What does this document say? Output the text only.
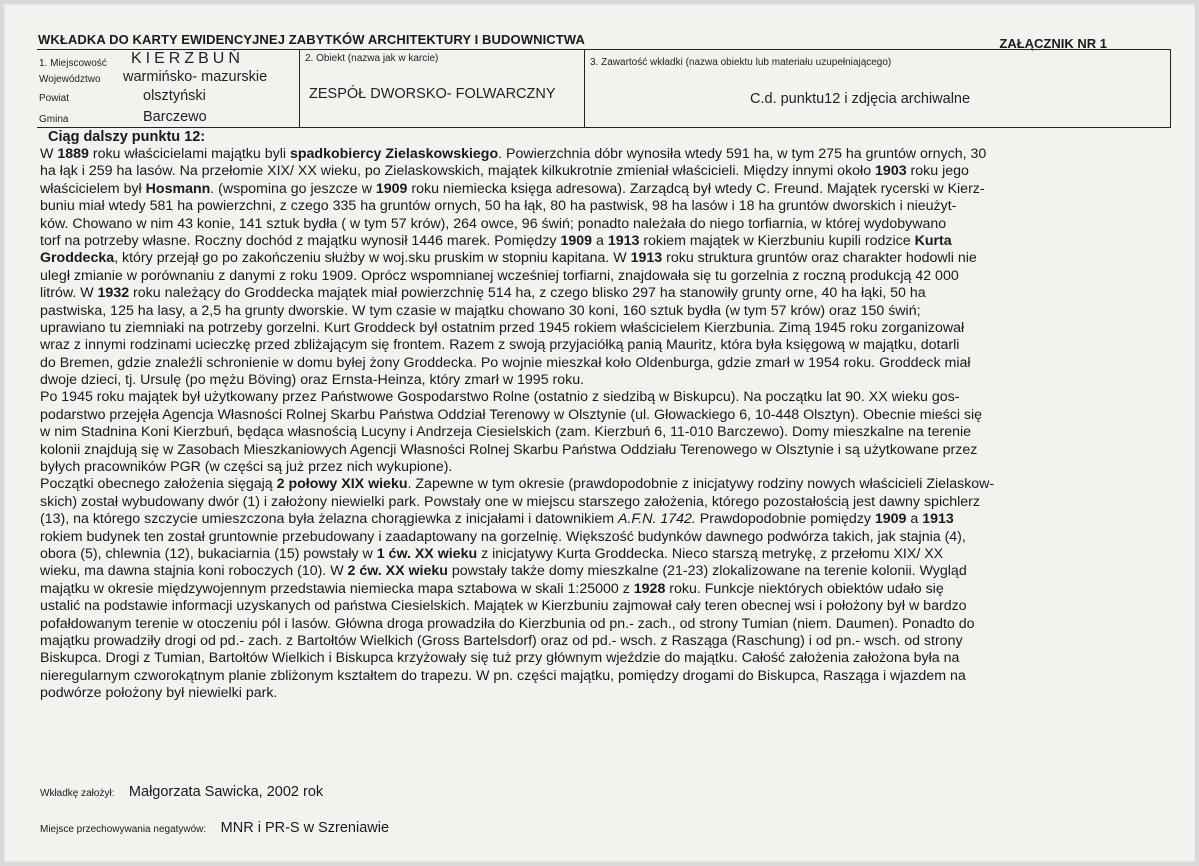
WKŁADKA DO KARTY EWIDENCYJNEJ ZABYTKÓW ARCHITEKTURY I BUDOWNICTWA	ZAŁĄCZNIK NR 1
1. Miejscowość KIERZBUŃ
Województwo warmińsko- mazurskie
Powiat	olsztyński
Gmina	Barczewo
2. Obiekt (nazwa jak w karcie)
ZESPÓŁ DWORSKO- FOLWARCZNY
3. Zawartość wkładki (nazwa obiektu lub materiału uzupełniającego)
C.d. punktu12 i zdjęcia archiwalne
Ciąg dalszy punktu 12:
W 1889 roku właścicielami majątku byli spadkobiercy Zielaskowskiego. Powierzchnia dóbr wynosiła wtedy 591 ha, w tym 275 ha gruntów ornych, 30
ha łąk i 259 ha lasów. Na przełomie XIX/ XX wieku, po Zielaskowskich, majątek kilkukrotnie zmieniał właścicieli. Między innymi około 1903 roku jego
właścicielem był Hosmann. (wspomina go jeszcze w 1909 roku niemiecka księga adresowa). Zarządcą był wtedy C. Freund. Majątek rycerski w Kierz-
buniu miał wtedy 581 ha powierzchni, z czego 335 ha gruntów ornych, 50 ha łąk, 80 ha pastwisk, 98 ha lasów i 18 ha gruntów dworskich i nieużyt-
ków. Chowano w nim 43 konie, 141 sztuk bydła ( w tym 57 krów), 264 owce, 96 świń; ponadto należała do niego torfiarnia, w której wydobywano
torf na potrzeby własne. Roczny dochód z majątku wynosił 1446 marek. Pomiędzy 1909 a 1913 rokiem majątek w Kierzbuniu kupili rodzice Kurta
Groddecka, który przejął go po zakończeniu służby w woj.sku pruskim w stopniu kapitana. W 1913 roku struktura gruntów oraz charakter hodowli nie
uległ zmianie w porównaniu z danymi z roku 1909. Oprócz wspomnianej wcześniej torfiarni, znajdowała się tu gorzelnia z roczną produkcją 42 000
litrów. W 1932 roku należący do Groddecka majątek miał powierzchnię 514 ha, z czego blisko 297 ha stanowiły grunty orne, 40 ha łąki, 50 ha
pastwiska, 125 ha lasy, a 2,5 ha grunty dworskie. W tym czasie w majątku chowano 30 koni, 160 sztuk bydła (w tym 57 krów) oraz 150 świń;
uprawiano tu ziemniaki na potrzeby gorzelni. Kurt Groddeck był ostatnim przed 1945 rokiem właścicielem Kierzbunia. Zimą 1945 roku zorganizował
wraz z innymi rodzinami ucieczkę przed zbliżającym się frontem. Razem z swoją przyjaciółką panią Mauritz, która była księgową w majątku, dotarli
do Bremen, gdzie znaleźli schronienie w domu byłej żony Groddecka. Po wojnie mieszkał koło Oldenburga, gdzie zmarł w 1954 roku. Groddeck miał
dwoje dzieci, tj. Ursulę (po mężu Böving) oraz Ernsta-Heinza, który zmarł w 1995 roku.
Po 1945 roku majątek był użytkowany przez Państwowe Gospodarstwo Rolne (ostatnio z siedzibą w Biskupcu). Na początku lat 90. XX wieku gos-
podarstwo przejęła Agencja Własności Rolnej Skarbu Państwa Oddział Terenowy w Olsztynie (ul. Głowackiego 6, 10-448 Olsztyn). Obecnie mieści się
w nim Stadnina Koni Kierzbuń, będąca własnością Lucyny i Andrzeja Ciesielskich (zam. Kierzbuń 6, 11-010 Barczewo). Domy mieszkalne na terenie
kolonii znajdują się w Zasobach Mieszkaniowych Agencji Własności Rolnej Skarbu Państwa Oddziału Terenowego w Olsztynie i są użytkowane przez
byłych pracowników PGR (w części są już przez nich wykupione).
Początki obecnego założenia sięgają 2 połowy XIX wieku. Zapewne w tym okresie (prawdopodobnie z inicjatywy rodziny nowych właścicieli Zielaskow-
skich) został wybudowany dwór (1) i założony niewielki park. Powstały one w miejscu starszego założenia, którego pozostałością jest dawny spichlerz
(13), na którego szczycie umieszczona była żelazna chorągiewka z inicjałami i datownikiem A.F.N. 1742. Prawdopodobnie pomiędzy 1909 a 1913
rokiem budynek ten został gruntownie przebudowany i zaadaptowany na gorzelnię. Większość budynków dawnego podwórza takich, jak stajnia (4),
obora (5), chlewnia (12), bukaciarnia (15) powstały w 1 ćw. XX wieku z inicjatywy Kurta Groddecka. Nieco starszą metrykę, z przełomu XIX/ XX
wieku, ma dawna stajnia koni roboczych (10). W 2 ćw. XX wieku powstały także domy mieszkalne (21-23) zlokalizowane na terenie kolonii. Wygląd
majątku w okresie międzywojennym przedstawia niemiecka mapa sztabowa w skali 1:25000 z 1928 roku. Funkcje niektórych obiektów udało się
ustalić na podstawie informacji uzyskanych od państwa Ciesielskich. Majątek w Kierzbuniu zajmował cały teren obecnej wsi i położony był w bardzo
pofałdowanym terenie w otoczeniu pól i lasów. Główna droga prowadziła do Kierzbunia od pn.- zach., od strony Tumian (niem. Daumen). Ponadto do
majątku prowadziły drogi od pd.- zach. z Bartołtów Wielkich (Gross Bartelsdorf) oraz od pd.- wsch. z Rasząga (Raschung) i od pn.- wsch. od strony
Biskupca. Drogi z Tumian, Bartołtów Wielkich i Biskupca krzyżowały się tuż przy głównym wjeździe do majątku. Całość założenia założona była na
nieregularnym czworokątnym planie zbliżonym kształtem do trapezu. W pn. części majątku, pomiędzy drogami do Biskupca, Rasząga i wjazdem na
podwórze położony był niewielki park.
Wkładkę założył: Małgorzata Sawicka, 2002 rok
Miejsce przechowywania negatywów: MNR i PR-S w Szreniawie
